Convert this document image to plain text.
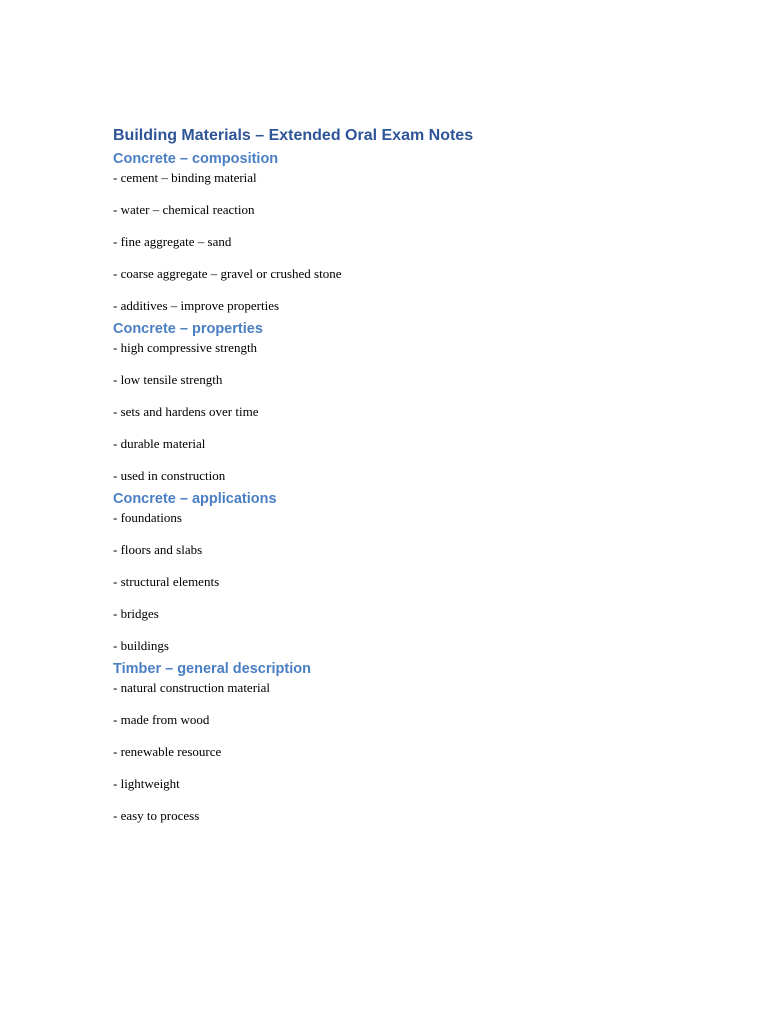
Building Materials – Extended Oral Exam Notes
Concrete – composition
- cement – binding material
- water – chemical reaction
- fine aggregate – sand
- coarse aggregate – gravel or crushed stone
- additives – improve properties
Concrete – properties
- high compressive strength
- low tensile strength
- sets and hardens over time
- durable material
- used in construction
Concrete – applications
- foundations
- floors and slabs
- structural elements
- bridges
- buildings
Timber – general description
- natural construction material
- made from wood
- renewable resource
- lightweight
- easy to process
